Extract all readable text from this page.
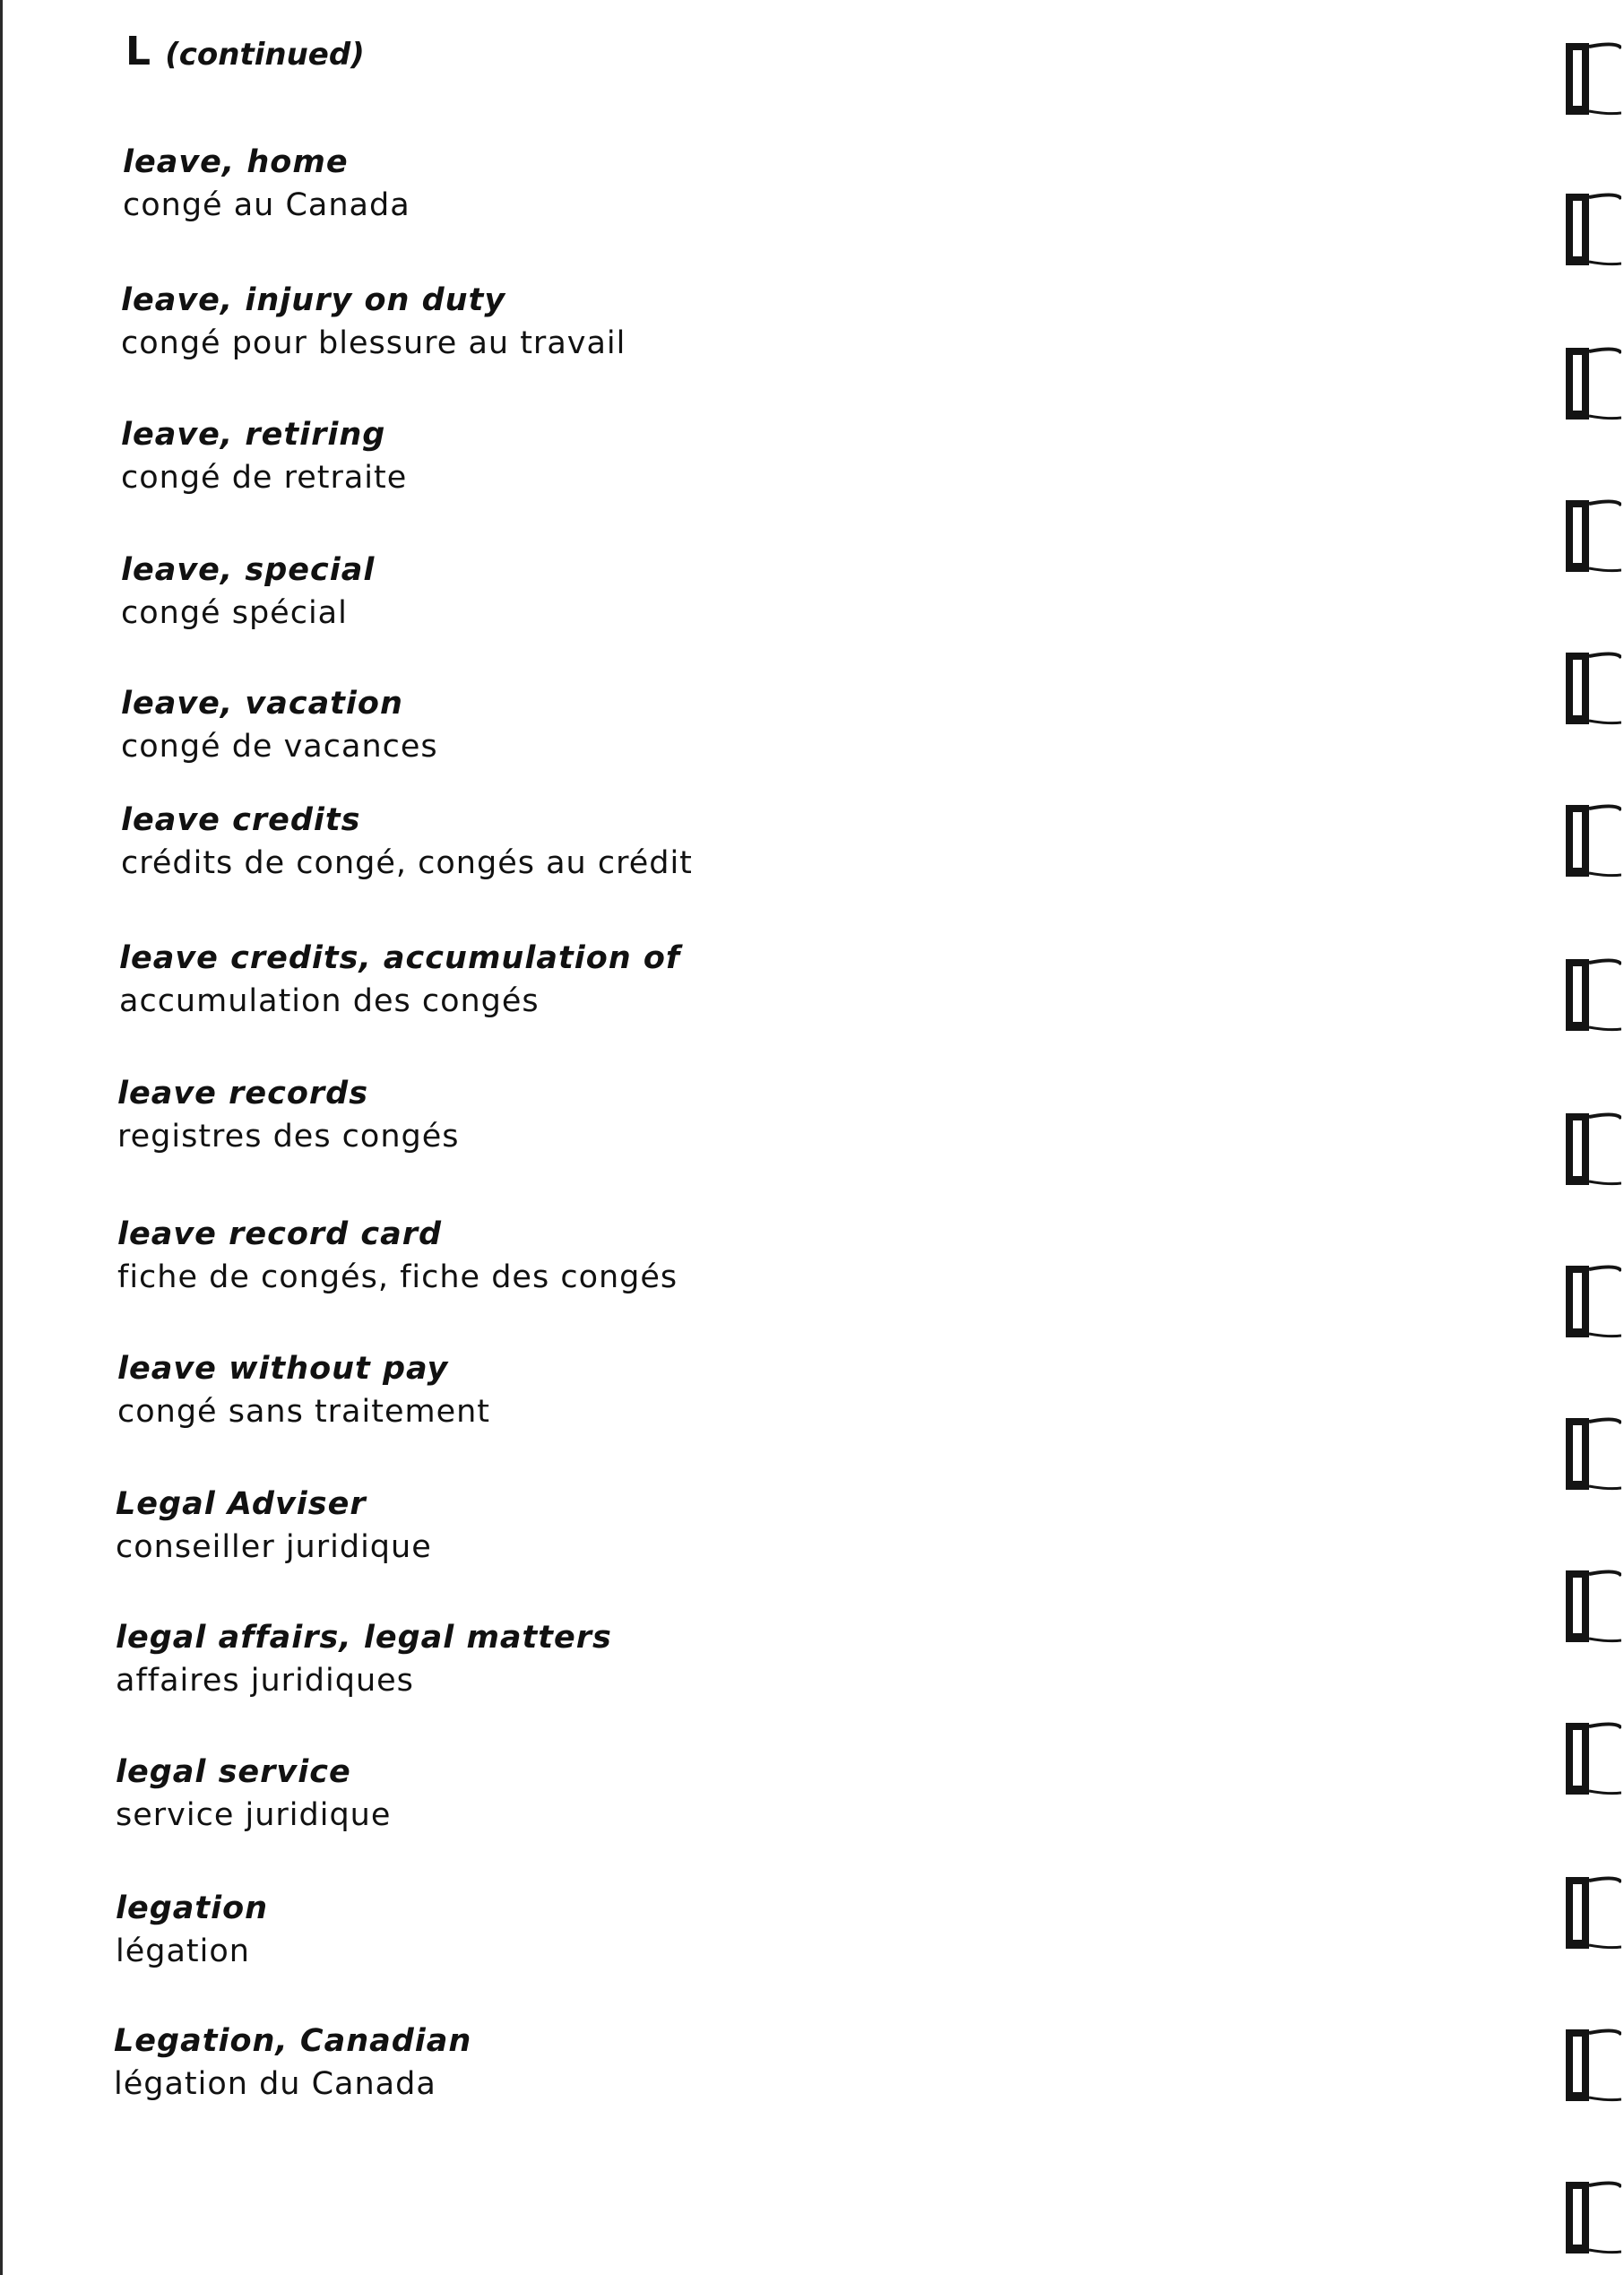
L (continued)
leave, home
congé au Canada
leave, injury on duty
congé pour blessure au travail
leave, retiring
congé de retraite
leave, special
congé spécial
leave, vacation
congé de vacances
leave credits
crédits de congé, congés au crédit
leave credits, accumulation of
accumulation des congés
leave records
registres des congés
leave record card
fiche de congés, fiche des congés
leave without pay
congé sans traitement
Legal Adviser
conseiller juridique
legal affairs, legal matters
affaires juridiques
legal service
service juridique
legation
légation
Legation, Canadian
légation du Canada
